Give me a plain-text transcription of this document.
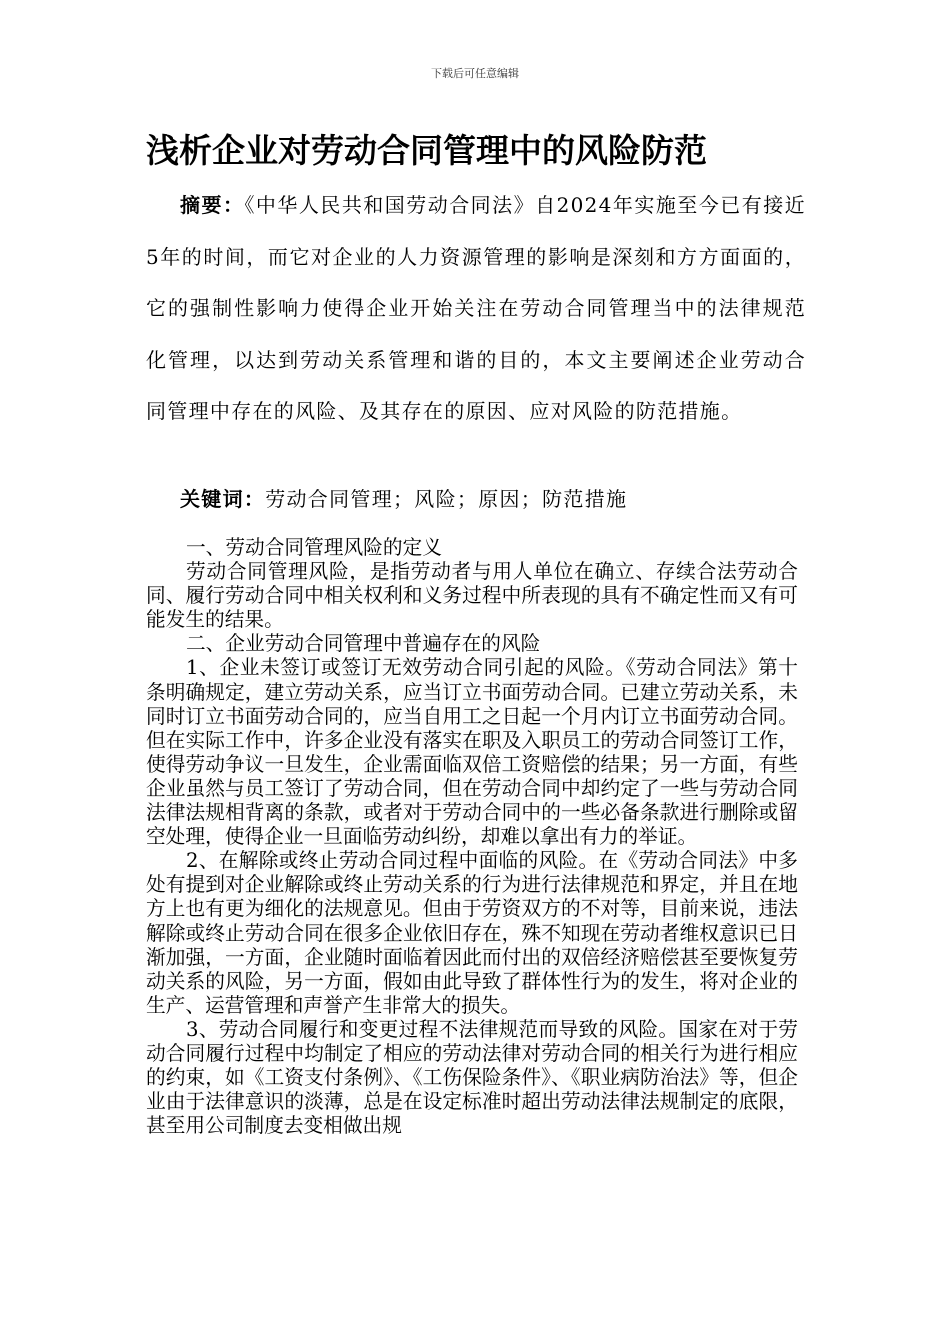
下载后可任意编辑
浅析企业对劳动合同管理中的风险防范

摘要：《中华人民共和国劳动合同法》自2024年实施至今已有接近5年的时间，而它对企业的人力资源管理的影响是深刻和方方面面的，它的强制性影响力使得企业开始关注在劳动合同管理当中的法律规范化管理，以达到劳动关系管理和谐的目的，本文主要阐述企业劳动合同管理中存在的风险、及其存在的原因、应对风险的防范措施。

关键词：劳动合同管理；风险；原因；防范措施

一、劳动合同管理风险的定义

劳动合同管理风险，是指劳动者与用人单位在确立、存续合法劳动合同、履行劳动合同中相关权利和义务过程中所表现的具有不确定性而又有可能发生的结果。

二、企业劳动合同管理中普遍存在的风险

1、企业未签订或签订无效劳动合同引起的风险。《劳动合同法》第十条明确规定，建立劳动关系，应当订立书面劳动合同。已建立劳动关系，未同时订立书面劳动合同的，应当自用工之日起一个月内订立书面劳动合同。但在实际工作中，许多企业没有落实在职及入职员工的劳动合同签订工作，使得劳动争议一旦发生，企业需面临双倍工资赔偿的结果；另一方面，有些企业虽然与员工签订了劳动合同，但在劳动合同中却约定了一些与劳动合同法律法规相背离的条款，或者对于劳动合同中的一些必备条款进行删除或留空处理，使得企业一旦面临劳动纠纷，却难以拿出有力的举证。

2、在解除或终止劳动合同过程中面临的风险。在《劳动合同法》中多处有提到对企业解除或终止劳动关系的行为进行法律规范和界定，并且在地方上也有更为细化的法规意见。但由于劳资双方的不对等，目前来说，违法解除或终止劳动合同在很多企业依旧存在，殊不知现在劳动者维权意识已日渐加强，一方面，企业随时面临着因此而付出的双倍经济赔偿甚至要恢复劳动关系的风险，另一方面，假如由此导致了群体性行为的发生，将对企业的生产、运营管理和声誉产生非常大的损失。

3、劳动合同履行和变更过程不法律规范而导致的风险。国家在对于劳动合同履行过程中均制定了相应的劳动法律对劳动合同的相关行为进行相应的约束，如《工资支付条例》、《工伤保险条件》、《职业病防治法》等，但企业由于法律意识的淡薄，总是在设定标准时超出劳动法律法规制定的底限，甚至用公司制度去变相做出规
